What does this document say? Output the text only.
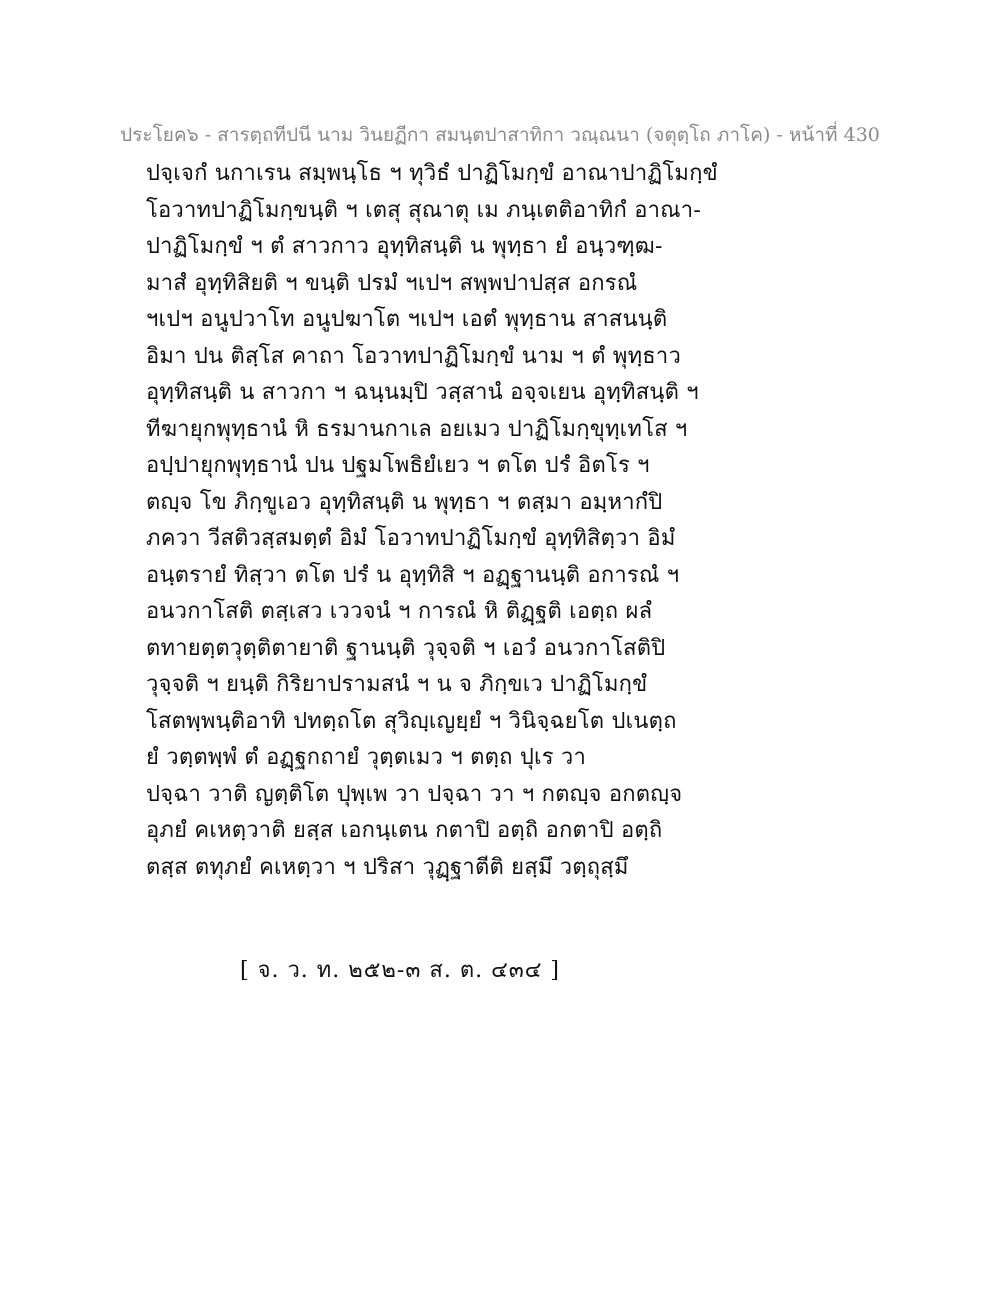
ประโยค๖ - สารตฺถทีปนี นาม วินยฏีกา สมนฺตปาสาทิกา วณฺณนา (จตุตฺโถ ภาโค) - หน้าที่ 430
ปจฺเจกํ นกาเรน สมฺพนฺโธ ฯ ทุวิธํ ปาฏิโมกฺขํ อาณาปาฏิโมกฺขํ
โอวาทปาฏิโมกฺขนฺติ ฯ เตสุ สุณาตุ เม ภนฺเตติอาทิกํ อาณา-
ปาฏิโมกฺขํ ฯ ตํ สาวกาว อุทฺทิสนฺติ น พุทฺธา ยํ อนฺวฑฺฒ-
มาสํ อุทฺทิสิยติ ฯ ขนฺติ ปรมํ ฯเปฯ สพฺพปาปสฺส อกรณํ
ฯเปฯ อนูปวาโท อนูปฆาโต ฯเปฯ เอตํ พุทฺธาน สาสนนฺติ
อิมา ปน ติสฺโส คาถา โอวาทปาฏิโมกฺขํ นาม ฯ ตํ พุทฺธาว
อุทฺทิสนฺติ น สาวกา ฯ ฉนฺนมฺปิ วสฺสานํ อจฺจเยน อุทฺทิสนฺติ ฯ
ทีฆายุกพุทฺธานํ หิ ธรมานกาเล อยเมว ปาฏิโมกฺขุทฺเทโส ฯ
อปฺปายุกพุทฺธานํ ปน ปฐมโพธิยํเยว ฯ ตโต ปรํ อิตโร ฯ
ตญฺจ โข ภิกฺขูเอว อุทฺทิสนฺติ น พุทฺธา ฯ ตสฺมา อมฺหากํปิ
ภควา วีสติวสฺสมตฺตํ อิมํ โอวาทปาฏิโมกฺขํ อุทฺทิสิตฺวา อิมํ
อนฺตรายํ ทิสฺวา ตโต ปรํ น อุทฺทิสิ ฯ อฏฺฐานนฺติ อการณํ ฯ
อนวกาโสติ ตสฺเสว เววจนํ ฯ การณํ หิ ติฏฺฐติ เอตฺถ ผลํ
ตทายตฺตวุตฺติตายาติ ฐานนฺติ วุจฺจติ ฯ เอวํ อนวกาโสติปิ
วุจฺจติ ฯ ยนฺติ กิริยาปรามสนํ ฯ น จ ภิกฺขเว ปาฏิโมกฺขํ
โสตพฺพนฺติอาทิ ปทตฺถโต สุวิญฺเญยฺยํ ฯ วินิจฺฉยโต ปเนตฺถ
ยํ วตฺตพฺพํ ตํ อฏฺฐกถายํ วุตฺตเมว ฯ ตตฺถ ปุเร วา
ปจฺฉา วาติ ญตฺติโต ปุพฺเพ วา ปจฺฉา วา ฯ กตญฺจ อกตญฺจ
อุภยํ คเหตฺวาติ ยสฺส เอกนฺเตน กตาปิ อตฺถิ อกตาปิ อตฺถิ
ตสฺส ตทุภยํ คเหตฺวา ฯ ปริสา วุฏฺฐาตีติ ยสฺมึ วตฺถุสฺมึ
[ จ. ว. ท. ๒๕๒-๓ ส. ต. ๔๓๔ ]
